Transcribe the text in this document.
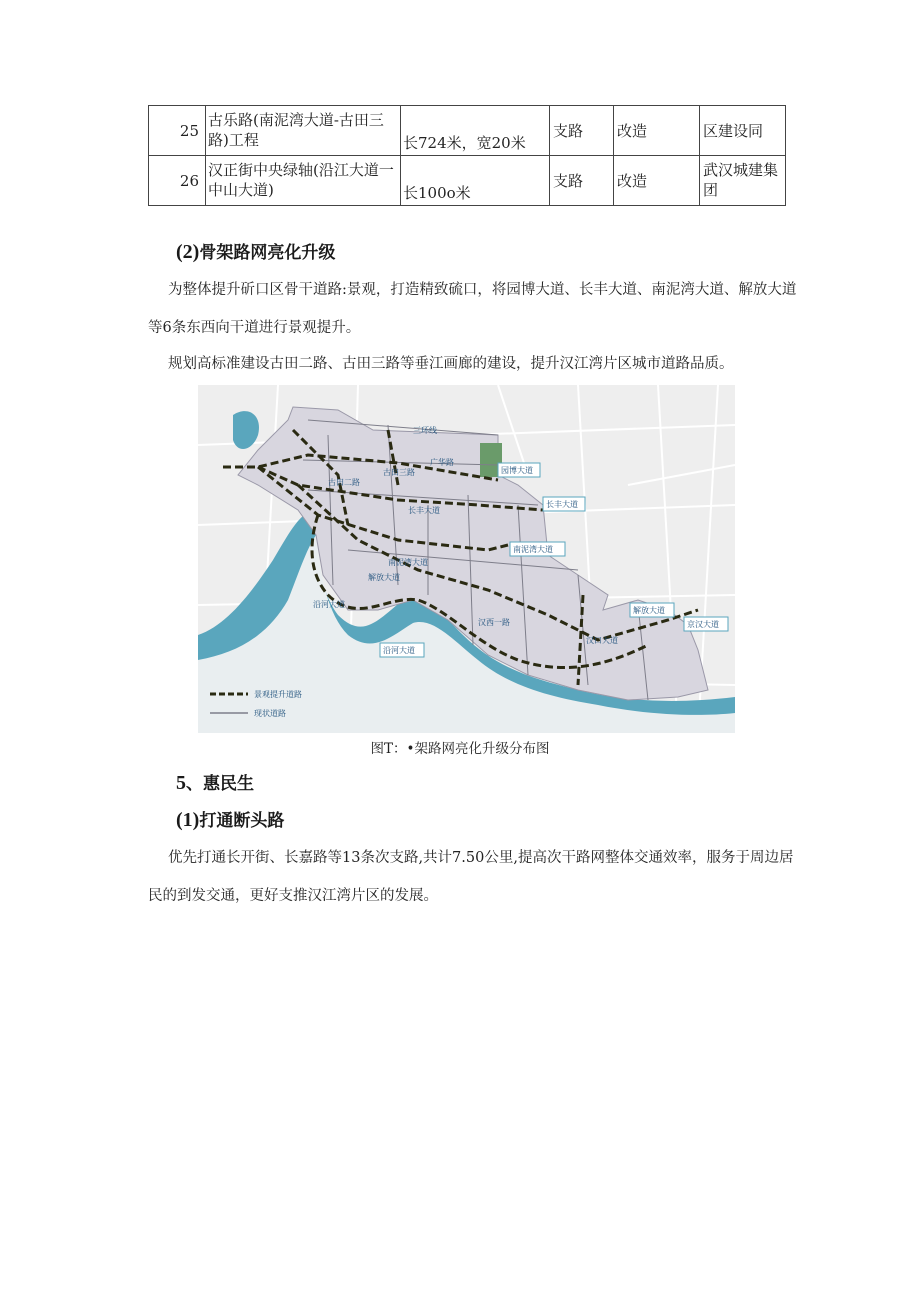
25	古乐路(南泥湾大道-古田三路)工程	长724米，宽20米	支路	改造	区建设同
26	汉正街中央绿轴(沿江大道一中山大道)	长100o米	支路	改造	武汉城建集团
(2)骨架路网亮化升级

为整体提升斫口区骨干道路:景观，打造精致硫口，将园博大道、长丰大道、南泥湾大道、解放大道等6条东西向干道进行景观提升。

规划高标准建设古田二路、古田三路等垂江画廊的建设，提升汉江湾片区城市道路品质。

三环线
广华路
古田二路
古田三路
长丰大道
南泥湾大道
解放大道
沿河大道
汉西一路
汉口大道
园博大道
长丰大道
南泥湾大道
解放大道
京汉大道
沿河大道
景观提升道路
现状道路
图T：•架路网亮化升级分布图
5、惠民生
(1)打通断头路

优先打通长开街、长嘉路等13条次支路,共计7.50公里,提高次干路网整体交通效率，服务于周边居民的到发交通，更好支推汉江湾片区的发展。
